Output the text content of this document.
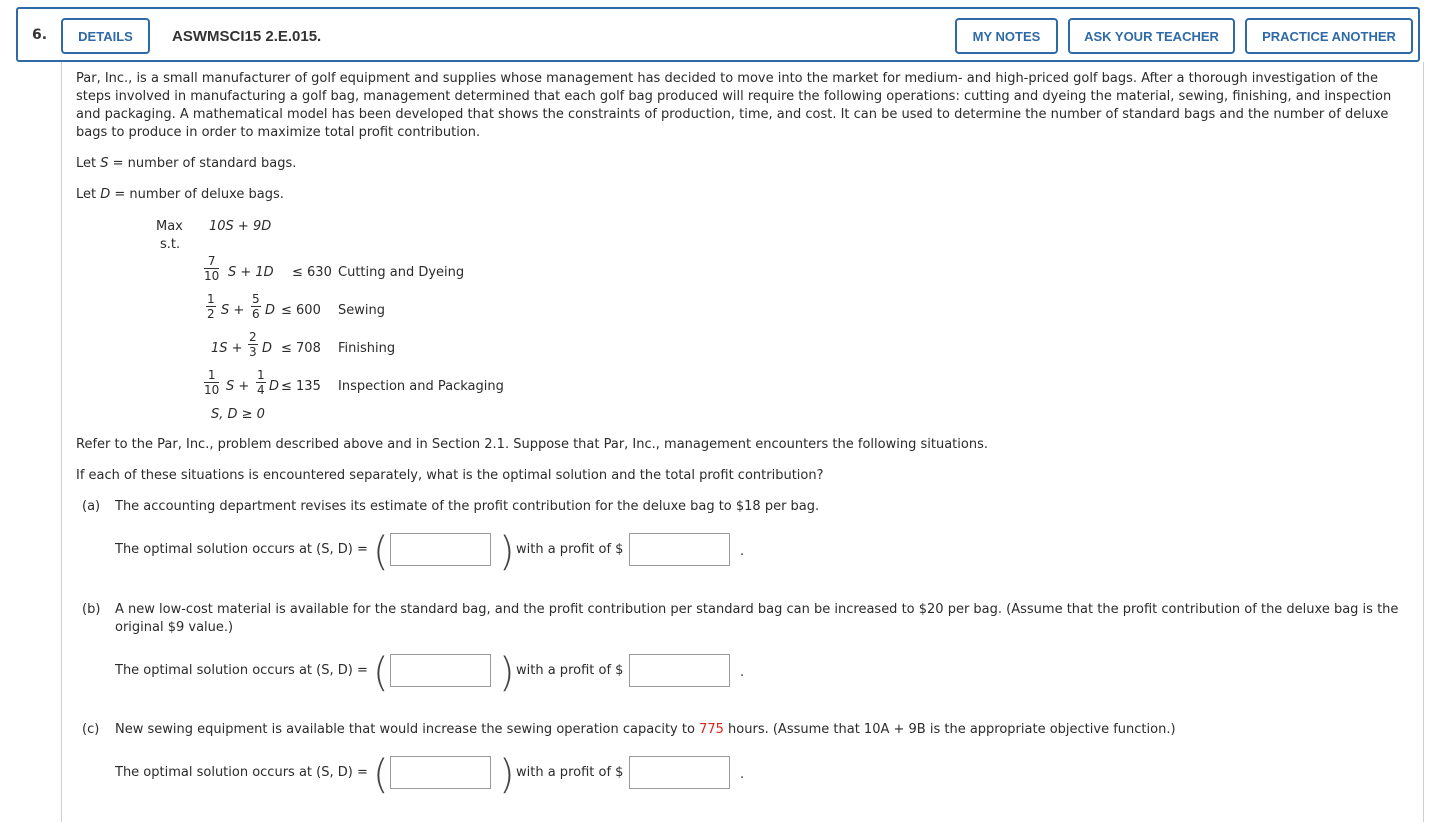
6.	DETAILS	ASWMSCI15 2.E.015.	MY NOTES	ASK YOUR TEACHER	PRACTICE ANOTHER
Par, Inc., is a small manufacturer of golf equipment and supplies whose management has decided to move into the market for medium- and high-priced golf bags. After a thorough investigation of the steps involved in manufacturing a golf bag, management determined that each golf bag produced will require the following operations: cutting and dyeing the material, sewing, finishing, and inspection and packaging. A mathematical model has been developed that shows the constraints of production, time, and cost. It can be used to determine the number of standard bags and the number of deluxe bags to produce in order to maximize total profit contribution.
Let S = number of standard bags.
Let D = number of deluxe bags.
Max 10S + 9D
s.t.
$\frac{7}{10}$ S + 1D ≤ 630 Cutting and Dyeing
$\frac{1}{2}$ $S + \frac{5}{6}$ D ≤ 600 Sewing
$1S + \frac{2}{3}$ D ≤ 708 Finishing
$\frac{1}{10}$ $S + \frac{1}{4}$ D ≤ 135 Inspection and Packaging
S, D ≥ 0
Refer to the Par, Inc., problem described above and in Section 2.1. Suppose that Par, Inc., management encounters the following situations.
If each of these situations is encountered separately, what is the optimal solution and the total profit contribution?
(a) The accounting department revises its estimate of the profit contribution for the deluxe bag to $18 per bag.
The optimal solution occurs at (S, D) = (	) with a profit of $	.
(b) A new low-cost material is available for the standard bag, and the profit contribution per standard bag can be increased to $20 per bag. (Assume that the profit contribution of the deluxe bag is the original $9 value.)
The optimal solution occurs at (S, D) = (	) with a profit of $	.
(c) New sewing equipment is available that would increase the sewing operation capacity to 775 hours. (Assume that 10A + 9B is the appropriate objective function.)
The optimal solution occurs at (S, D) = (	) with a profit of $	.
